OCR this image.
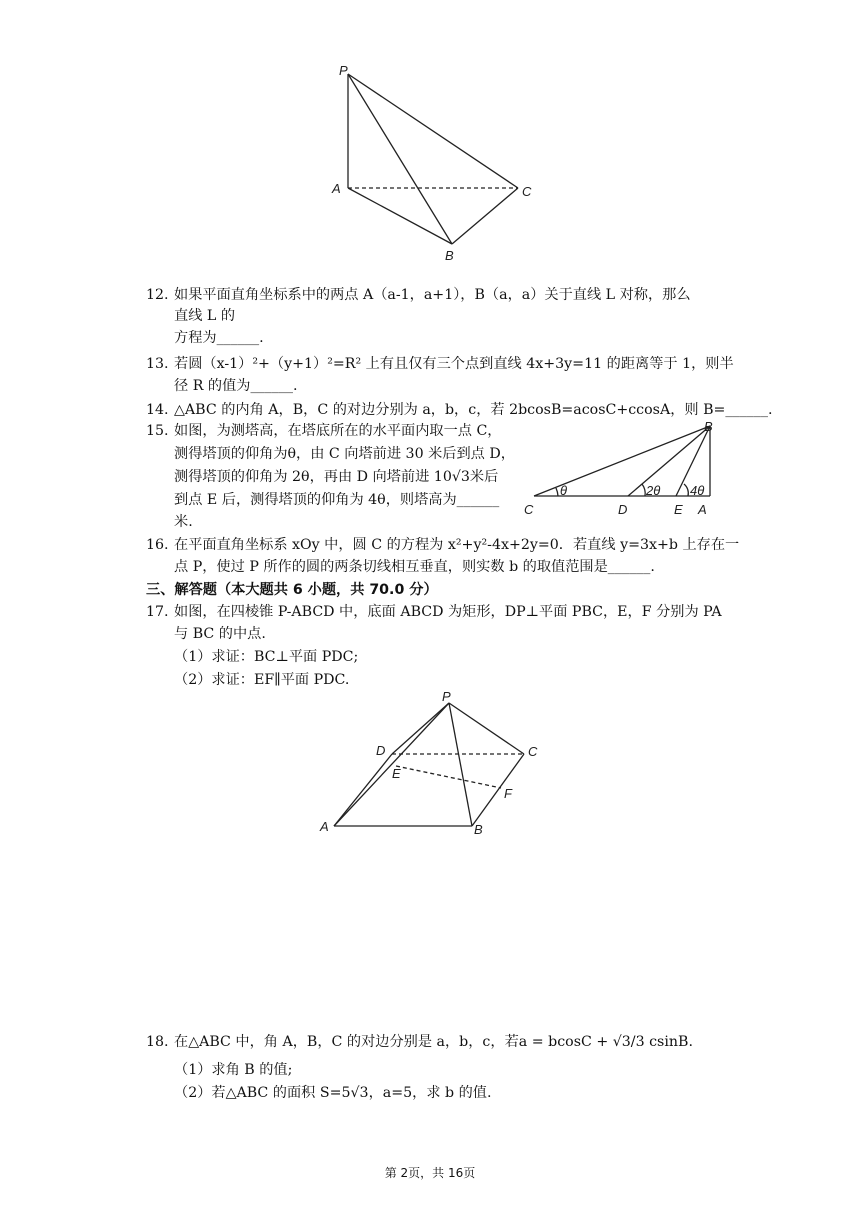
P
A	C
B
12. 如果平面直角坐标系中的两点 A（a-1，a+1），B（a，a）关于直线 L 对称，那么
直线 L 的
方程为______.
13. 若圆（x-1）²+（y+1）²=R² 上有且仅有三个点到直线 4x+3y=11 的距离等于 1，则半
径 R 的值为______.
14. △ABC 的内角 A，B，C 的对边分别为 a，b，c，若 2bcosB=acosC+ccosA，则 B=______.
15. 如图，为测塔高，在塔底所在的水平面内取一点 C，
测得塔顶的仰角为θ，由 C 向塔前进 30 米后到点 D，
测得塔顶的仰角为 2θ，再由 D 向塔前进 10√3米后
到点 E 后，测得塔顶的仰角为 4θ，则塔高为______
米.
θ	2θ 4θ
B
C	D	E A
16. 在平面直角坐标系 xOy 中，圆 C 的方程为 x²+y²-4x+2y=0．若直线 y=3x+b 上存在一
点 P，使过 P 所作的圆的两条切线相互垂直，则实数 b 的取值范围是______.
三、解答题（本大题共 6 小题，共 70.0 分）
17. 如图，在四棱锥 P-ABCD 中，底面 ABCD 为矩形，DP⊥平面 PBC，E，F 分别为 PA
与 BC 的中点.
（1）求证：BC⊥平面 PDC;
（2）求证：EF∥平面 PDC.
P
D	C
E
F
A	B
18. 在△ABC 中，角 A，B，C 的对边分别是 a，b，c，若a = bcosC + √3/3 csinB.
（1）求角 B 的值;
（2）若△ABC 的面积 S=5√3，a=5，求 b 的值.
第 2页，共 16页
